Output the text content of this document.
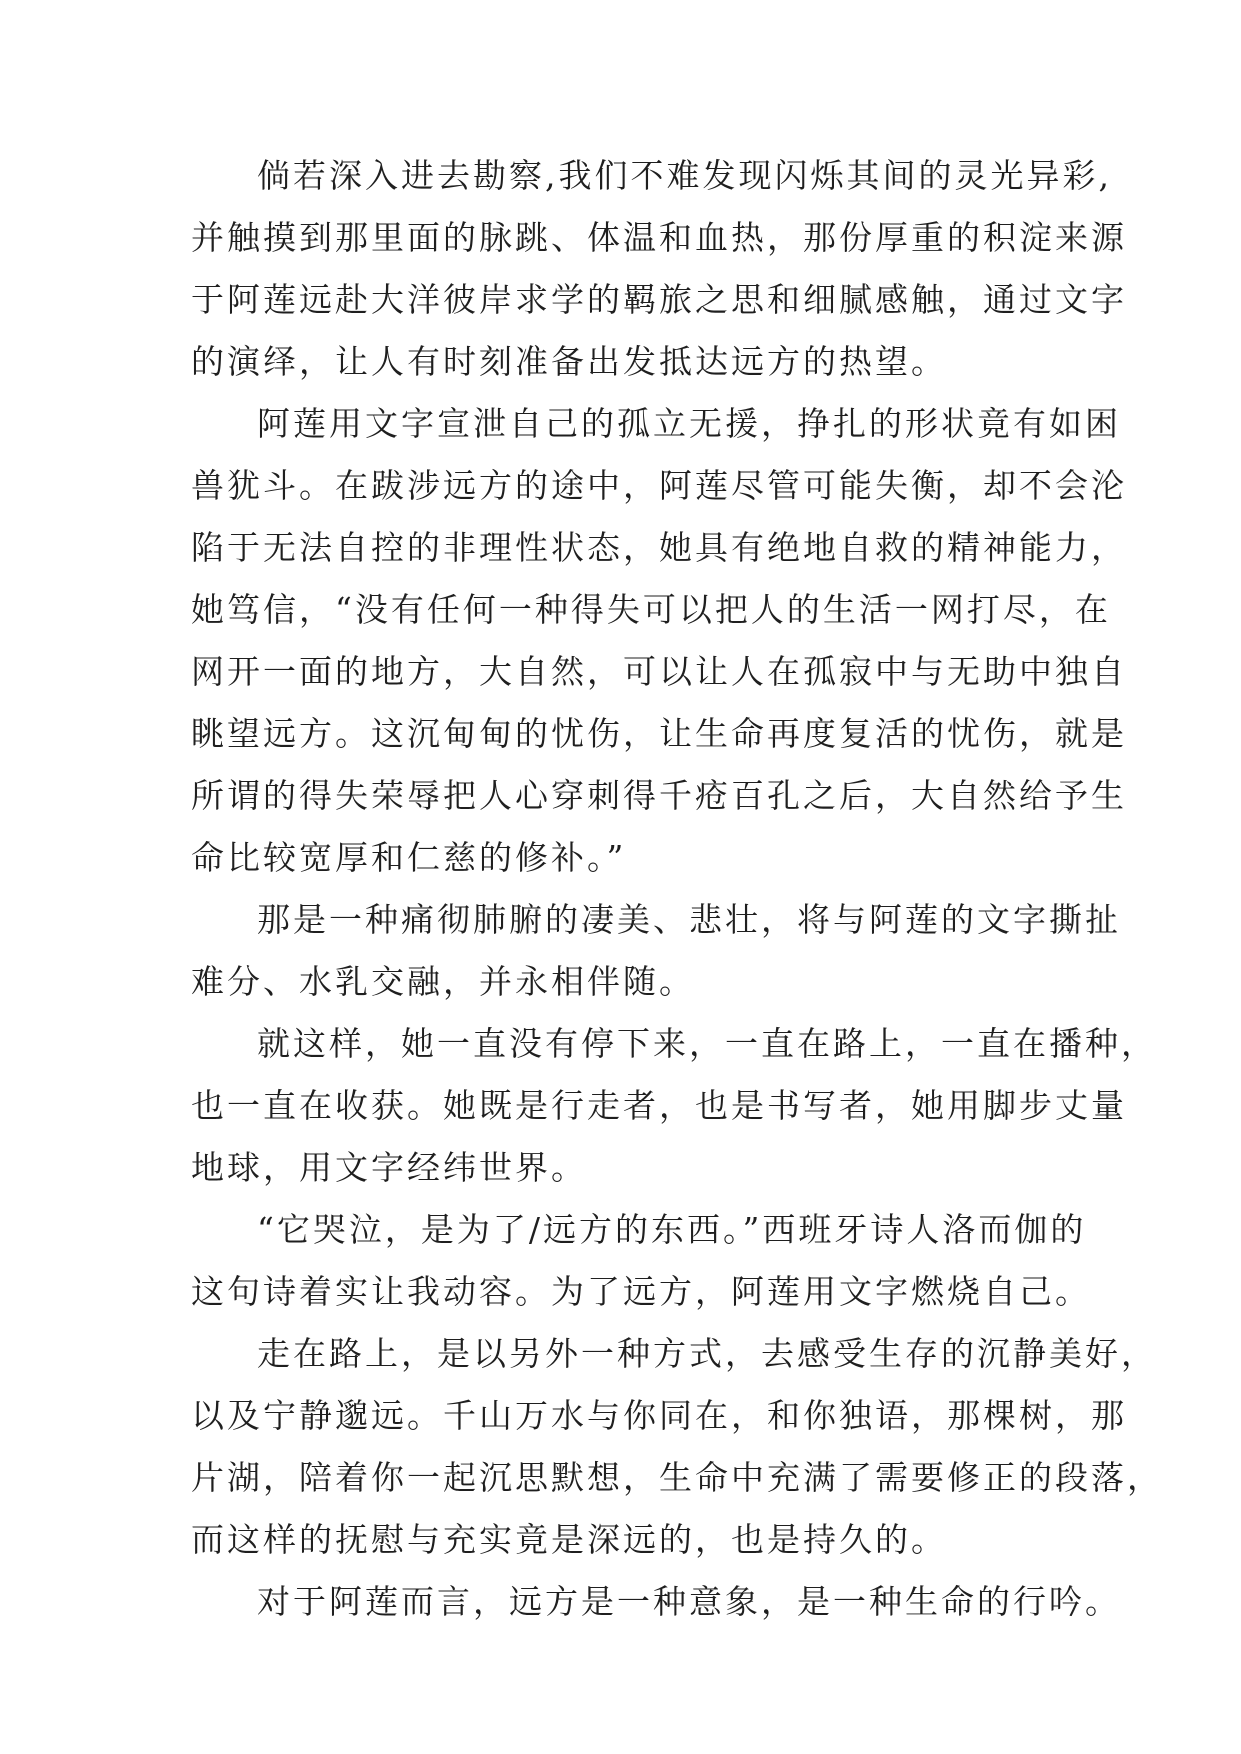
倘若深入进去勘察,我们不难发现闪烁其间的灵光异彩,
并触摸到那里面的脉跳、体温和血热，那份厚重的积淀来源
于阿莲远赴大洋彼岸求学的羁旅之思和细腻感触，通过文字
的演绎，让人有时刻准备出发抵达远方的热望。
阿莲用文字宣泄自己的孤立无援，挣扎的形状竟有如困
兽犹斗。在跋涉远方的途中，阿莲尽管可能失衡，却不会沦
陷于无法自控的非理性状态，她具有绝地自救的精神能力，
她笃信，“没有任何一种得失可以把人的生活一网打尽，在
网开一面的地方，大自然，可以让人在孤寂中与无助中独自
眺望远方。这沉甸甸的忧伤，让生命再度复活的忧伤，就是
所谓的得失荣辱把人心穿刺得千疮百孔之后，大自然给予生
命比较宽厚和仁慈的修补。”
那是一种痛彻肺腑的凄美、悲壮，将与阿莲的文字撕扯
难分、水乳交融，并永相伴随。
就这样，她一直没有停下来，一直在路上，一直在播种，
也一直在收获。她既是行走者，也是书写者，她用脚步丈量
地球，用文字经纬世界。
“它哭泣，是为了/远方的东西。”西班牙诗人洛而伽的
这句诗着实让我动容。为了远方，阿莲用文字燃烧自己。
走在路上，是以另外一种方式，去感受生存的沉静美好，
以及宁静邈远。千山万水与你同在，和你独语，那棵树，那
片湖，陪着你一起沉思默想，生命中充满了需要修正的段落，
而这样的抚慰与充实竟是深远的，也是持久的。
对于阿莲而言，远方是一种意象，是一种生命的行吟。
